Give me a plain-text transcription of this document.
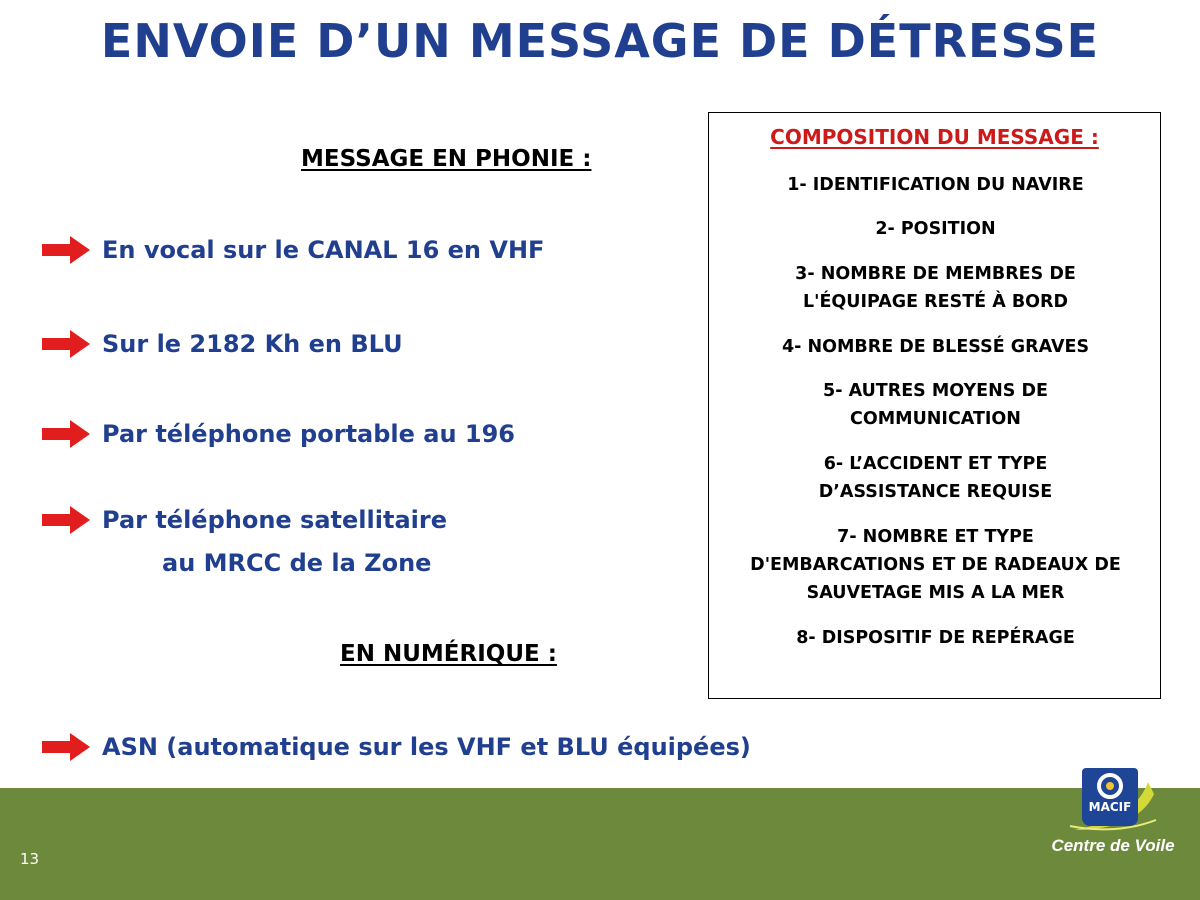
ENVOIE D’UN MESSAGE DE DÉTRESSE
MESSAGE EN PHONIE :
En vocal sur le CANAL 16 en VHF
Sur le 2182 Kh en BLU
Par téléphone portable au 196
Par téléphone satellitaire
au MRCC de la Zone
EN NUMÉRIQUE :
ASN (automatique sur les VHF et BLU équipées)
COMPOSITION DU MESSAGE :
1- IDENTIFICATION DU NAVIRE
2- POSITION
3- NOMBRE DE MEMBRES DE
L'ÉQUIPAGE RESTÉ À BORD
4- NOMBRE DE BLESSÉ GRAVES
5- AUTRES MOYENS DE
COMMUNICATION
6- L’ACCIDENT ET TYPE
D’ASSISTANCE REQUISE
7- NOMBRE ET TYPE
D'EMBARCATIONS ET DE RADEAUX DE
SAUVETAGE MIS A LA MER
8- DISPOSITIF DE REPÉRAGE
13
MACIF
Centre de Voile
